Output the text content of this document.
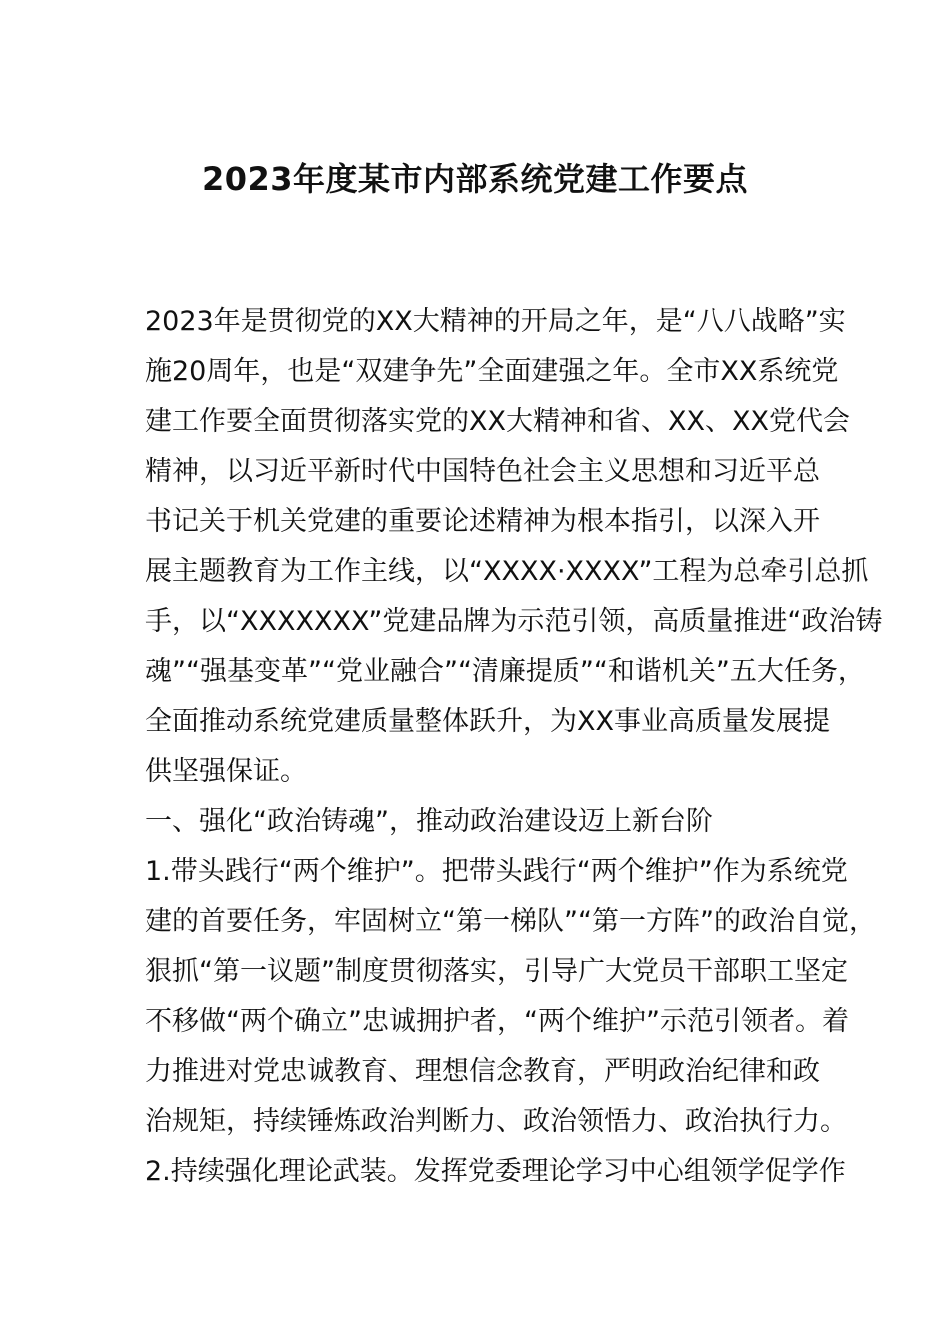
2023年度某市内部系统党建工作要点
2023年是贯彻党的XX大精神的开局之年，是“八八战略”实
施20周年，也是“双建争先”全面建强之年。全市XX系统党
建工作要全面贯彻落实党的XX大精神和省、XX、XX党代会
精神，以习近平新时代中国特色社会主义思想和习近平总
书记关于机关党建的重要论述精神为根本指引，以深入开
展主题教育为工作主线，以“XXXX·XXXX”工程为总牵引总抓
手，以“XXXXXXX”党建品牌为示范引领，高质量推进“政治铸
魂”“强基变革”“党业融合”“清廉提质”“和谐机关”五大任务，
全面推动系统党建质量整体跃升，为XX事业高质量发展提
供坚强保证。
一、强化“政治铸魂”，推动政治建设迈上新台阶
1.带头践行“两个维护”。把带头践行“两个维护”作为系统党
建的首要任务，牢固树立“第一梯队”“第一方阵”的政治自觉，
狠抓“第一议题”制度贯彻落实，引导广大党员干部职工坚定
不移做“两个确立”忠诚拥护者，“两个维护”示范引领者。着
力推进对党忠诚教育、理想信念教育，严明政治纪律和政
治规矩，持续锤炼政治判断力、政治领悟力、政治执行力。
2.持续强化理论武装。发挥党委理论学习中心组领学促学作
